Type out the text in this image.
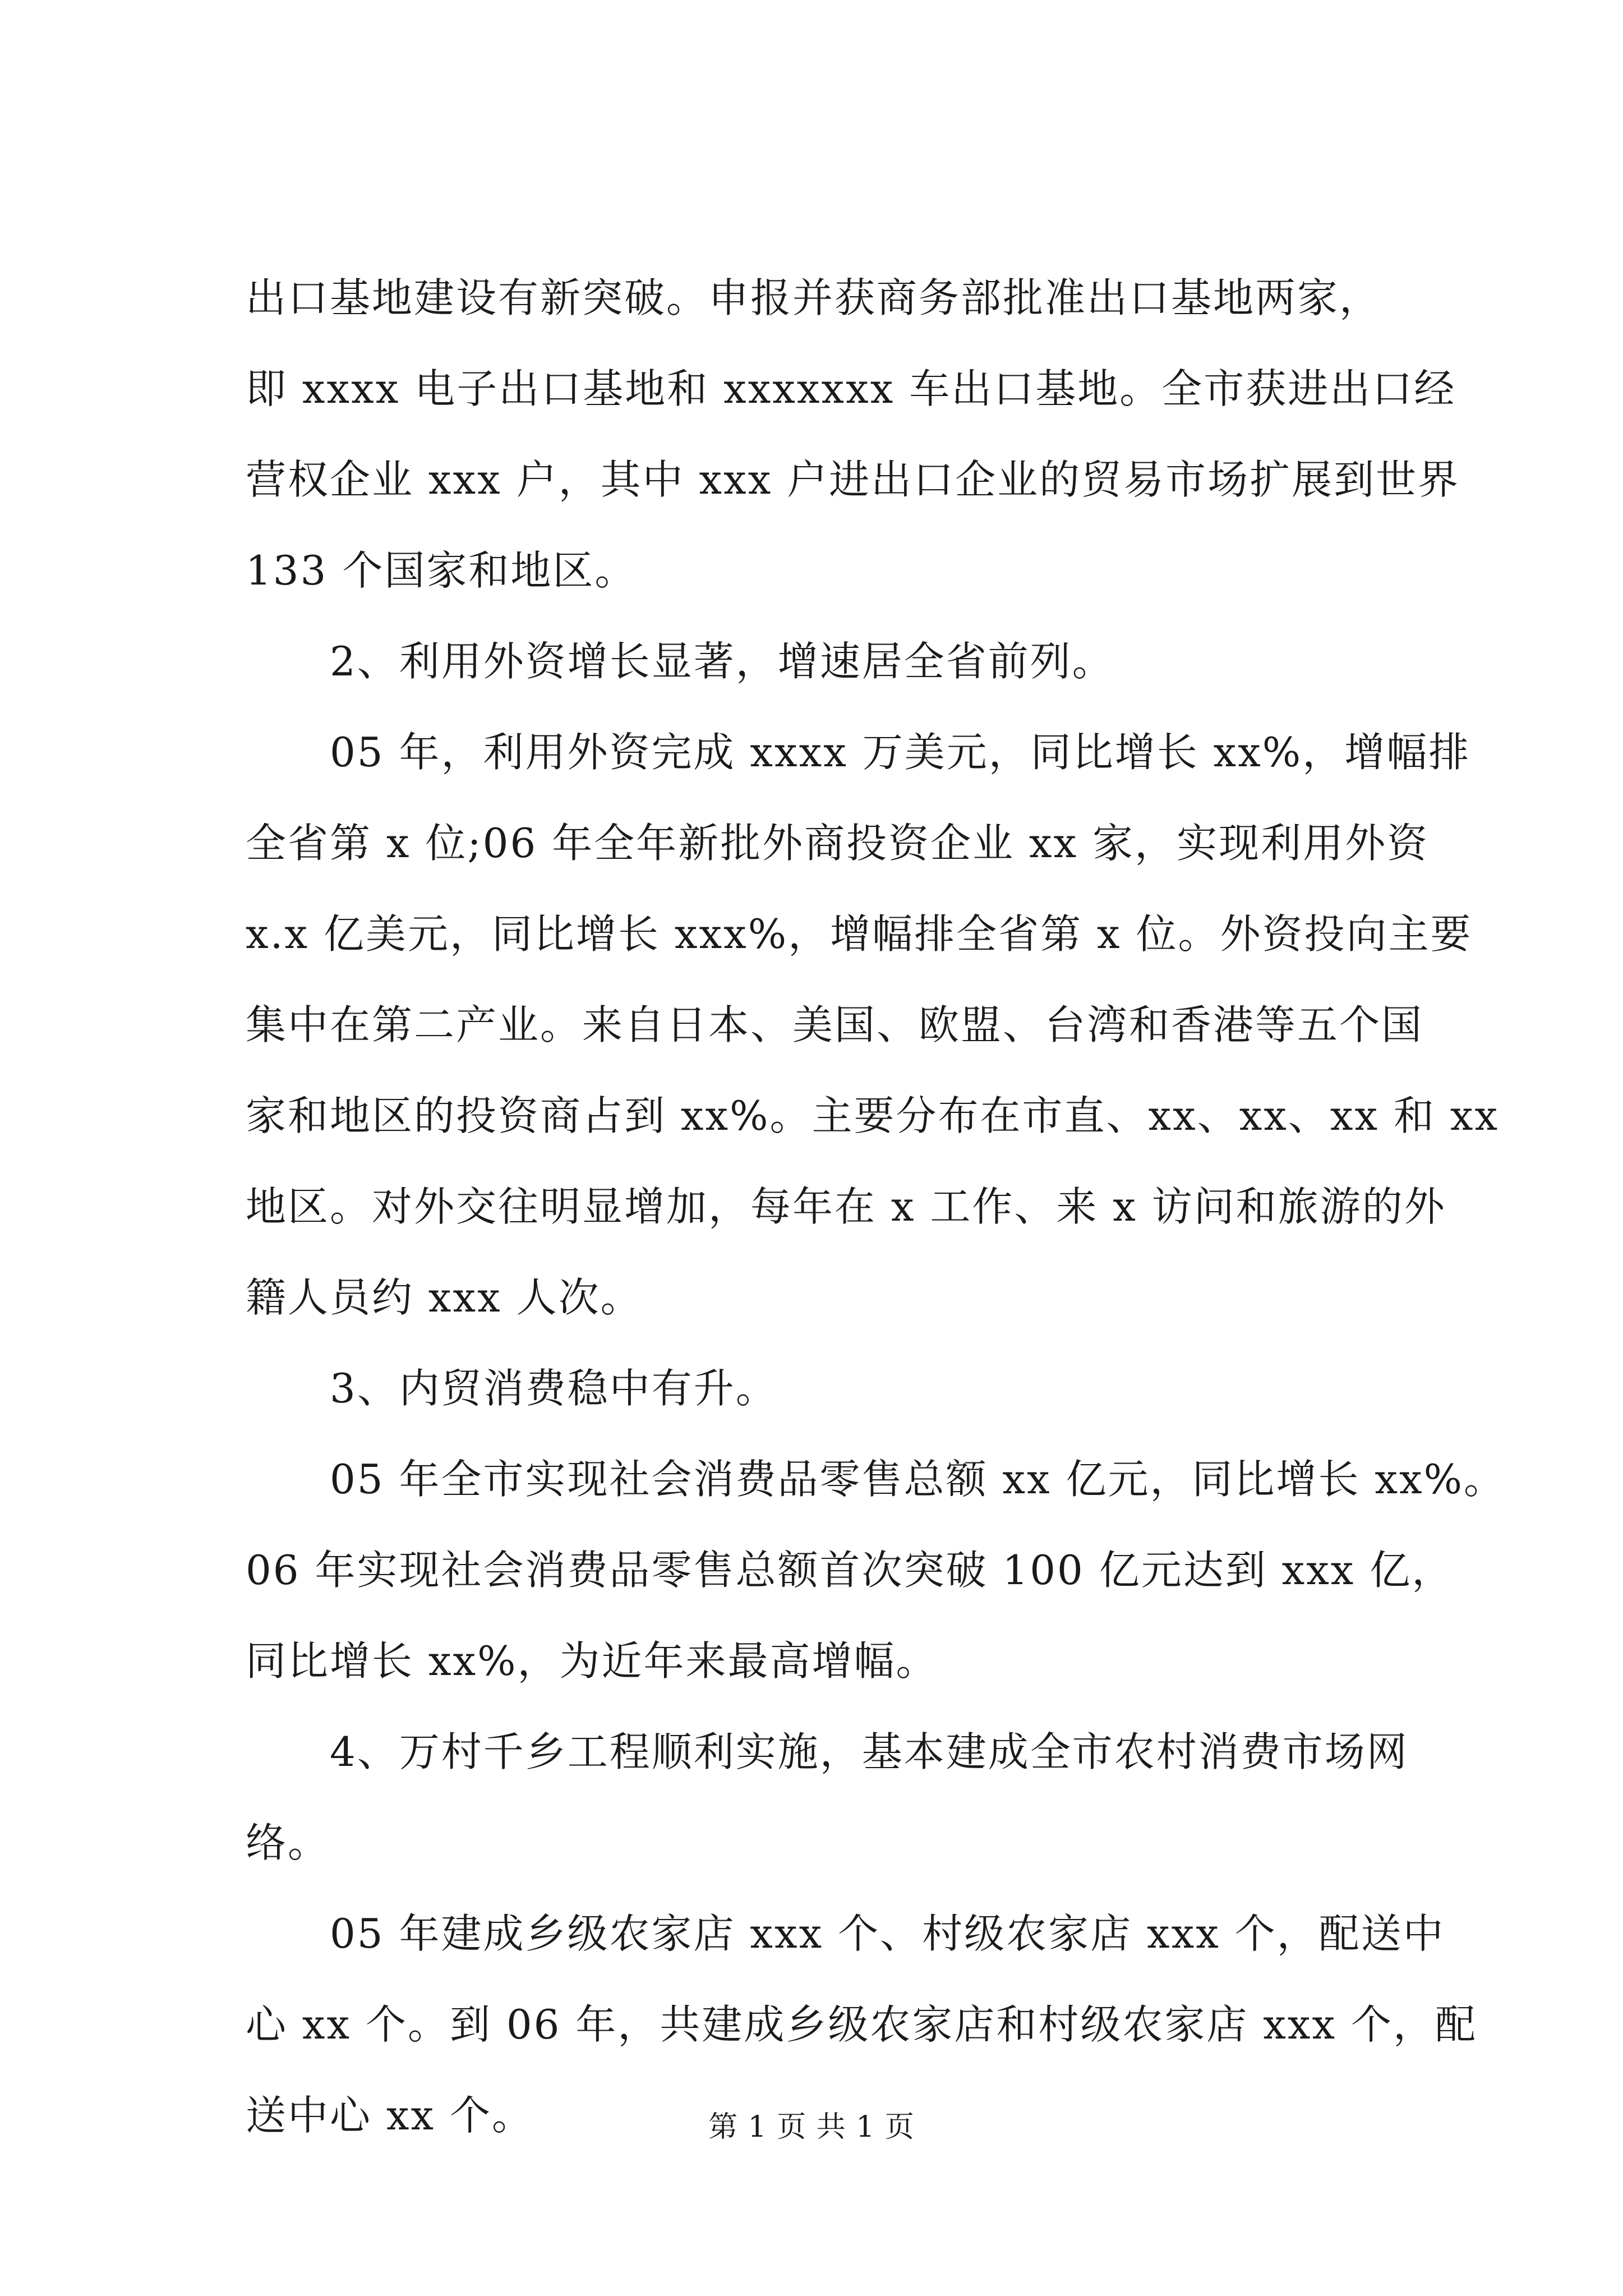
出口基地建设有新突破。申报并获商务部批准出口基地两家，
即 xxxx 电子出口基地和 xxxxxxx 车出口基地。全市获进出口经
营权企业 xxx 户，其中 xxx 户进出口企业的贸易市场扩展到世界
133 个国家和地区。
2、利用外资增长显著，增速居全省前列。
05 年，利用外资完成 xxxx 万美元，同比增长 xx%，增幅排
全省第 x 位;06 年全年新批外商投资企业 xx 家，实现利用外资
x.x 亿美元，同比增长 xxx%，增幅排全省第 x 位。外资投向主要
集中在第二产业。来自日本、美国、欧盟、台湾和香港等五个国
家和地区的投资商占到 xx%。主要分布在市直、xx、xx、xx 和 xx
地区。对外交往明显增加，每年在 x 工作、来 x 访问和旅游的外
籍人员约 xxx 人次。
3、内贸消费稳中有升。
05 年全市实现社会消费品零售总额 xx 亿元，同比增长 xx%。
06 年实现社会消费品零售总额首次突破 100 亿元达到 xxx 亿，
同比增长 xx%，为近年来最高增幅。
4、万村千乡工程顺利实施，基本建成全市农村消费市场网
络。
05 年建成乡级农家店 xxx 个、村级农家店 xxx 个，配送中
心 xx 个。到 06 年，共建成乡级农家店和村级农家店 xxx 个，配
送中心 xx 个。	第 1 页 共 1 页
